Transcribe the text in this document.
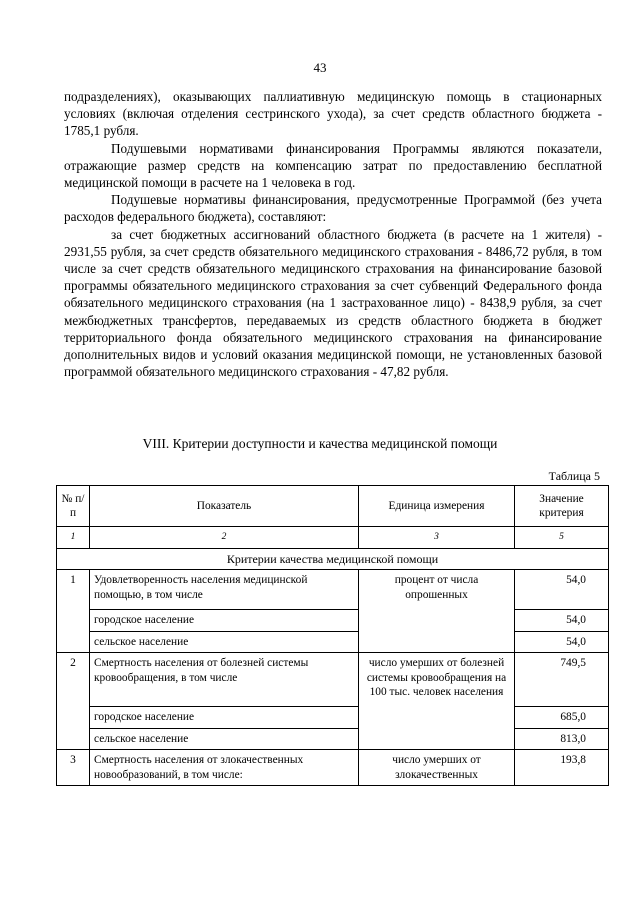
43

подразделениях), оказывающих паллиативную медицинскую помощь в стационарных условиях (включая отделения сестринского ухода), за счет средств областного бюджета - 1785,1 рубля.

Подушевыми нормативами финансирования Программы являются показатели, отражающие размер средств на компенсацию затрат по предоставлению бесплатной медицинской помощи в расчете на 1 человека в год.

Подушевые нормативы финансирования, предусмотренные Программой (без учета расходов федерального бюджета), составляют:

за счет бюджетных ассигнований областного бюджета (в расчете на 1 жителя) - 2931,55 рубля, за счет средств обязательного медицинского страхования - 8486,72 рубля, в том числе за счет средств обязательного медицинского страхования на финансирование базовой программы обязательного медицинского страхования за счет субвенций Федерального фонда обязательного медицинского страхования (на 1 застрахованное лицо) - 8438,9 рубля, за счет межбюджетных трансфертов, передаваемых из средств областного бюджета в бюджет территориального фонда обязательного медицинского страхования на финансирование дополнительных видов и условий оказания медицинской помощи, не установленных базовой программой обязательного медицинского страхования - 47,82 рубля.

VIII. Критерии доступности и качества медицинской помощи
Таблица 5
№ п/п	Показатель	Единица измерения	Значение критерия
1	2	3	5
Критерии качества медицинской помощи			
1	Удовлетворенность населения медицинской помощью, в том числе	процент от числа опрошенных	54,0
	городское население		54,0
	сельское население		54,0
2	Смертность населения от болезней системы кровообращения, в том числе	число умерших от болезней системы кровообращения на 100 тыс. человек населения	749,5
	городское население		685,0
	сельское население		813,0
3	Смертность населения от злокачественных новообразований, в том числе:	число умерших от злокачественных	193,8
